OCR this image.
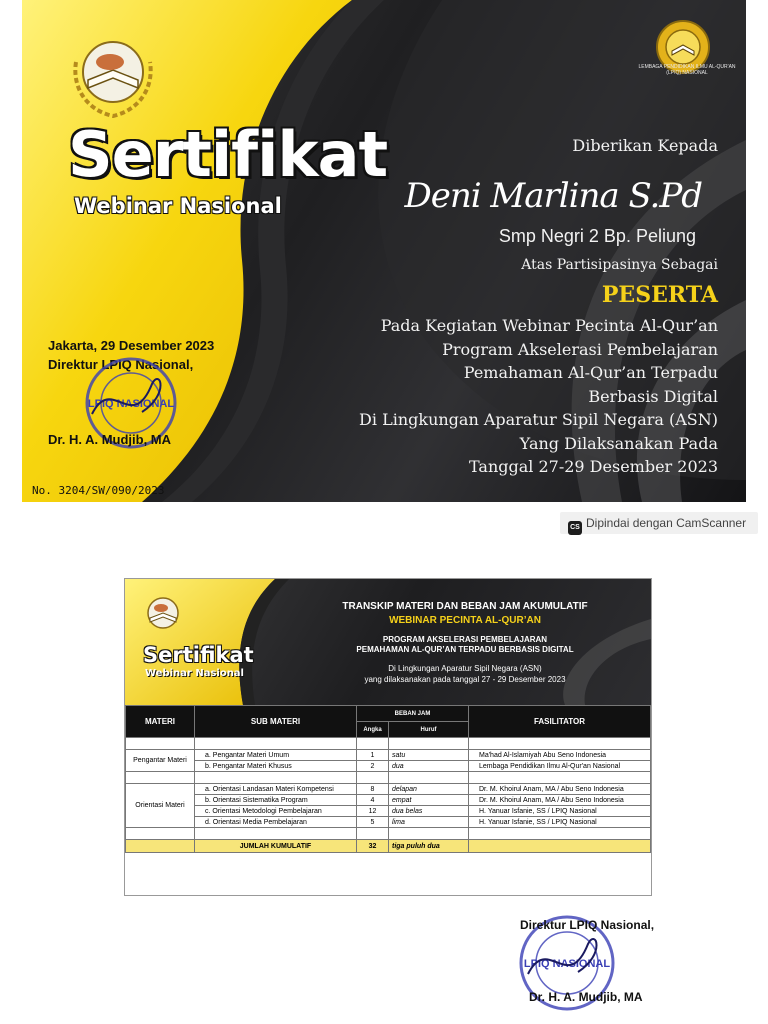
Sertifikat
Webinar Nasional
LEMBAGA PENDIDIKAN ILMU AL-QUR'AN (LPIQ) NASIONAL
Diberikan Kepada
Deni Marlina S.Pd
Smp Negri 2 Bp. Peliung
Atas Partisipasinya Sebagai
PESERTA
Pada Kegiatan Webinar Pecinta Al-Qur’an
Program Akselerasi Pembelajaran
Pemahaman Al-Qur’an Terpadu
Berbasis Digital
Di Lingkungan Aparatur Sipil Negara (ASN)
Yang Dilaksanakan Pada
Tanggal 27-29 Desember 2023
Jakarta, 29 Desember 2023
Direktur LPIQ Nasional,
LPIQ NASIONAL
Dr. H. A. Mudjib, MA
No. 3204/SW/090/2023
CS Dipindai dengan CamScanner
Sertifikat
Webinar Nasional
TRANSKIP MATERI DAN BEBAN JAM AKUMULATIF
WEBINAR PECINTA AL-QUR’AN
PROGRAM AKSELERASI PEMBELAJARAN
PEMAHAMAN AL-QUR’AN TERPADU BERBASIS DIGITAL
Di Lingkungan Aparatur Sipil Negara (ASN)
yang dilaksanakan pada tanggal 27 - 29 Desember 2023
MATERI	SUB MATERI	BEBAN JAM		FASILITATOR
		Angka	Huruf	

Pengantar Materi	a. Pengantar Materi Umum	1	satu	Ma'had Al-Islamiyah Abu Seno Indonesia
	b. Pengantar Materi Khusus	2	dua	Lembaga Pendidikan Ilmu Al-Qur'an Nasional

Orientasi Materi	a. Orientasi Landasan Materi Kompetensi	8	delapan	Dr. M. Khoirul Anam, MA / Abu Seno Indonesia
	b. Orientasi Sistematika Program	4	empat	Dr. M. Khoirul Anam, MA / Abu Seno Indonesia
	c. Orientasi Metodologi Pembelajaran	12	dua belas	H. Yanuar Isfanie, SS / LPIQ Nasional
	d. Orientasi Media Pembelajaran	5	lima	H. Yanuar Isfanie, SS / LPIQ Nasional

	JUMLAH KUMULATIF	32	tiga puluh dua	
LPIQ NASIONAL
Direktur LPIQ Nasional,
Dr. H. A. Mudjib, MA
